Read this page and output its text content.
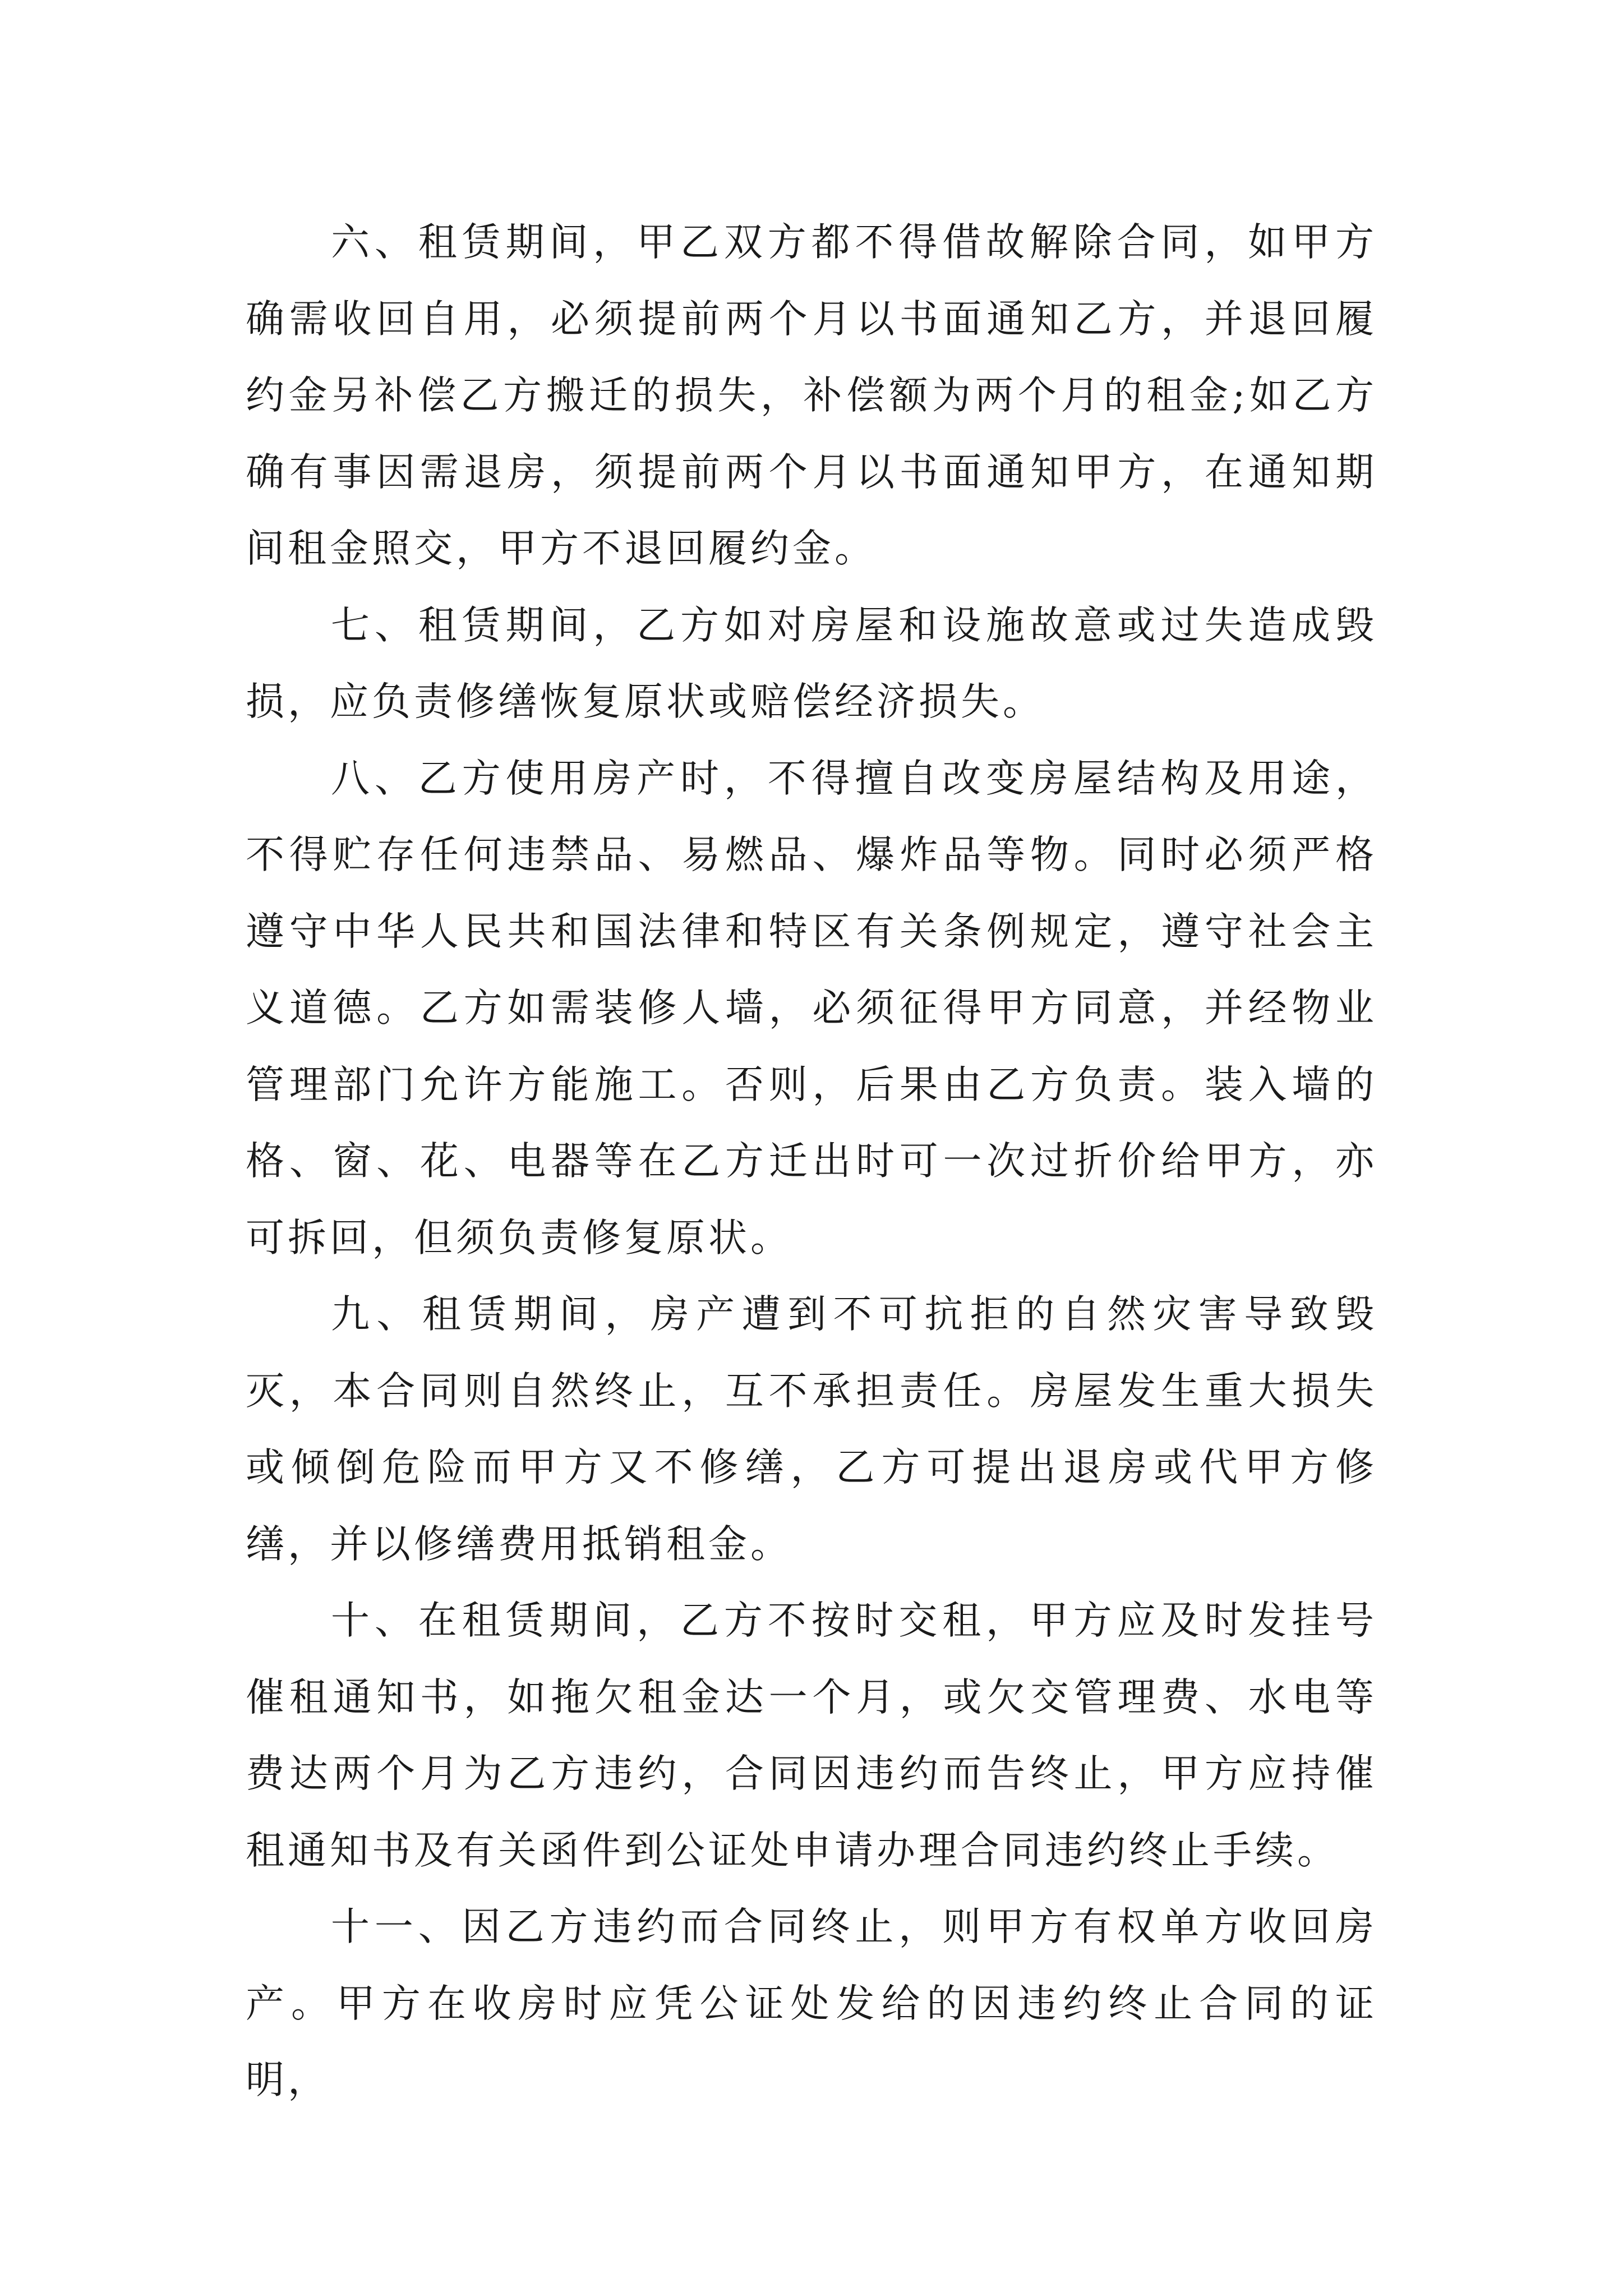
六、租赁期间，甲乙双方都不得借故解除合同，如甲方确需收回自用，必须提前两个月以书面通知乙方，并退回履约金另补偿乙方搬迁的损失，补偿额为两个月的租金;如乙方确有事因需退房，须提前两个月以书面通知甲方，在通知期间租金照交，甲方不退回履约金。

七、租赁期间，乙方如对房屋和设施故意或过失造成毁损，应负责修缮恢复原状或赔偿经济损失。

八、乙方使用房产时，不得擅自改变房屋结构及用途，不得贮存任何违禁品、易燃品、爆炸品等物。同时必须严格遵守中华人民共和国法律和特区有关条例规定，遵守社会主义道德。乙方如需装修人墙，必须征得甲方同意，并经物业管理部门允许方能施工。否则，后果由乙方负责。装入墙的格、窗、花、电器等在乙方迁出时可一次过折价给甲方，亦可拆回，但须负责修复原状。

九、租赁期间，房产遭到不可抗拒的自然灾害导致毁灭，本合同则自然终止，互不承担责任。房屋发生重大损失或倾倒危险而甲方又不修缮，乙方可提出退房或代甲方修缮，并以修缮费用抵销租金。

十、在租赁期间，乙方不按时交租，甲方应及时发挂号催租通知书，如拖欠租金达一个月，或欠交管理费、水电等费达两个月为乙方违约，合同因违约而告终止，甲方应持催租通知书及有关函件到公证处申请办理合同违约终止手续。

十一、因乙方违约而合同终止，则甲方有权单方收回房产。甲方在收房时应凭公证处发给的因违约终止合同的证明，
